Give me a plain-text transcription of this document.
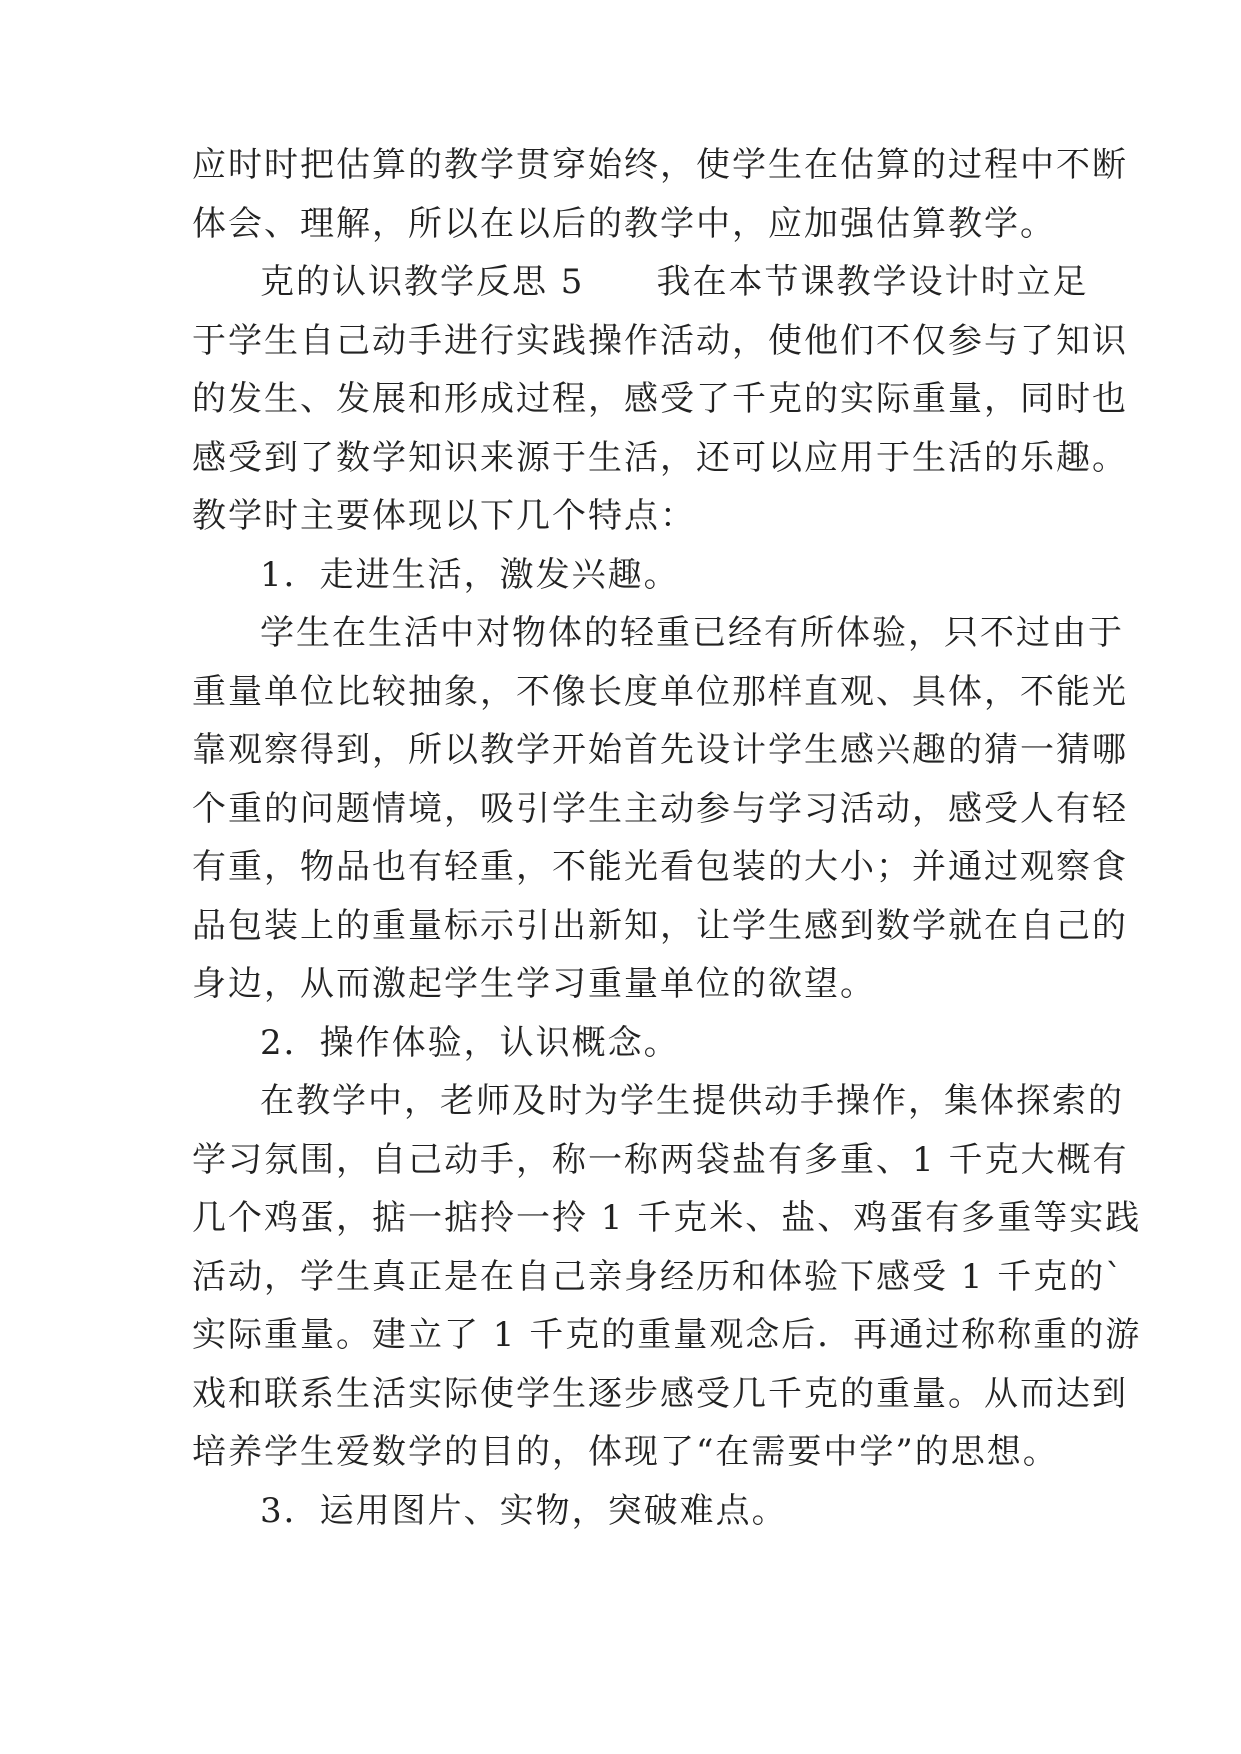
应时时把估算的教学贯穿始终，使学生在估算的过程中不断
体会、理解，所以在以后的教学中，应加强估算教学。
克的认识教学反思 5　　我在本节课教学设计时立足
于学生自己动手进行实践操作活动，使他们不仅参与了知识
的发生、发展和形成过程，感受了千克的实际重量，同时也
感受到了数学知识来源于生活，还可以应用于生活的乐趣。
教学时主要体现以下几个特点：
1．走进生活，激发兴趣。
学生在生活中对物体的轻重已经有所体验，只不过由于
重量单位比较抽象，不像长度单位那样直观、具体，不能光
靠观察得到，所以教学开始首先设计学生感兴趣的猜一猜哪
个重的问题情境，吸引学生主动参与学习活动，感受人有轻
有重，物品也有轻重，不能光看包装的大小；并通过观察食
品包装上的重量标示引出新知，让学生感到数学就在自己的
身边，从而激起学生学习重量单位的欲望。
2．操作体验，认识概念。
在教学中，老师及时为学生提供动手操作，集体探索的
学习氛围，自己动手，称一称两袋盐有多重、1 千克大概有
几个鸡蛋，掂一掂拎一拎 1 千克米、盐、鸡蛋有多重等实践
活动，学生真正是在自己亲身经历和体验下感受 1 千克的`
实际重量。建立了 1 千克的重量观念后．再通过称称重的游
戏和联系生活实际使学生逐步感受几千克的重量。从而达到
培养学生爱数学的目的，体现了“在需要中学”的思想。
3．运用图片、实物，突破难点。
